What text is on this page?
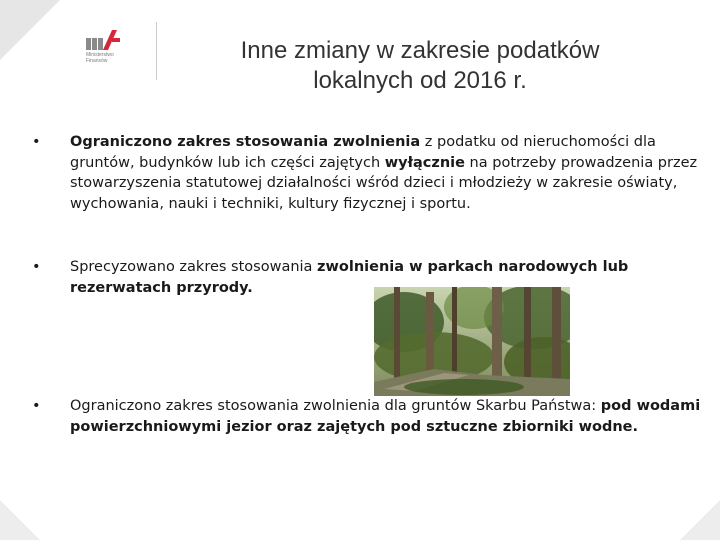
Ministerstwo
Finansów	Inne zmiany w zakresie podatków
lokalnych od 2016 r.
• Ograniczono zakres stosowania zwolnienia z podatku od nieruchomości dla gruntów, budynków lub ich części zajętych wyłącznie na potrzeby prowadzenia przez stowarzyszenia statutowej działalności wśród dzieci i młodzieży w zakresie oświaty, wychowania, nauki i techniki, kultury fizycznej i sportu.
• Sprecyzowano zakres stosowania zwolnienia w parkach narodowych lub rezerwatach przyrody.
• Ograniczono zakres stosowania zwolnienia dla gruntów Skarbu Państwa: pod wodami powierzchniowymi jezior oraz zajętych pod sztuczne zbiorniki wodne.
